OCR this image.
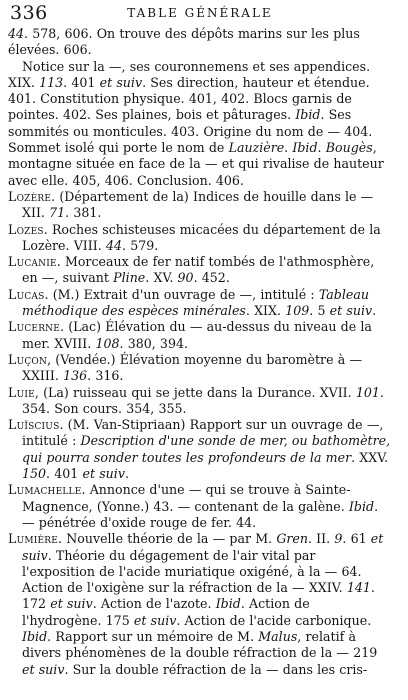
336	TABLE GÉNÉRALE

44. 578, 606. On trouve des dépôts marins sur les plus élevées. 606.

Notice sur la —, ses couronnemens et ses appendices. XIX. 113. 401 et suiv. Ses direction, hauteur et étendue. 401. Constitution physique. 401, 402. Blocs garnis de pointes. 402. Ses plaines, bois et pâturages. Ibid. Ses sommités ou monticules. 403. Origine du nom de — 404. Sommet isolé qui porte le nom de Lauzière. Ibid. Bougès, montagne située en face de la — et qui rivalise de hauteur avec elle. 405, 406. Conclusion. 406.

Lozère. (Département de la) Indices de houille dans le — XII. 71. 381.

Lozes. Roches schisteuses micacées du département de la Lozère. VIII. 44. 579.

Lucanie. Morceaux de fer natif tombés de l'athmosphère, en —, suivant Pline. XV. 90. 452.

Lucas. (M.) Extrait d'un ouvrage de —, intitulé : Tableau méthodique des espèces minérales. XIX. 109. 5 et suiv.

Lucerne. (Lac) Élévation du — au-dessus du niveau de la mer. XVIII. 108. 380, 394.

Luçon, (Vendée.) Élévation moyenne du baromètre à — XXIII. 136. 316.

Luie, (La) ruisseau qui se jette dans la Durance. XVII. 101. 354. Son cours. 354, 355.

Luïscius. (M. Van-Stipriaan) Rapport sur un ouvrage de —, intitulé : Description d'une sonde de mer, ou bathomètre, qui pourra sonder toutes les profondeurs de la mer. XXV. 150. 401 et suiv.

Lumachelle. Annonce d'une — qui se trouve à Sainte-Magnence, (Yonne.) 43. — contenant de la galène. Ibid. — pénétrée d'oxide rouge de fer. 44.

Lumière. Nouvelle théorie de la — par M. Gren. II. 9. 61 et suiv. Théorie du dégagement de l'air vital par l'exposition de l'acide muriatique oxigéné, à la — 64. Action de l'oxigène sur la réfraction de la — XXIV. 141. 172 et suiv. Action de l'azote. Ibid. Action de l'hydrogène. 175 et suiv. Action de l'acide carbonique. Ibid. Rapport sur un mémoire de M. Malus, relatif à divers phénomènes de la double réfraction de la — 219 et suiv. Sur la double réfraction de la — dans les cris-
